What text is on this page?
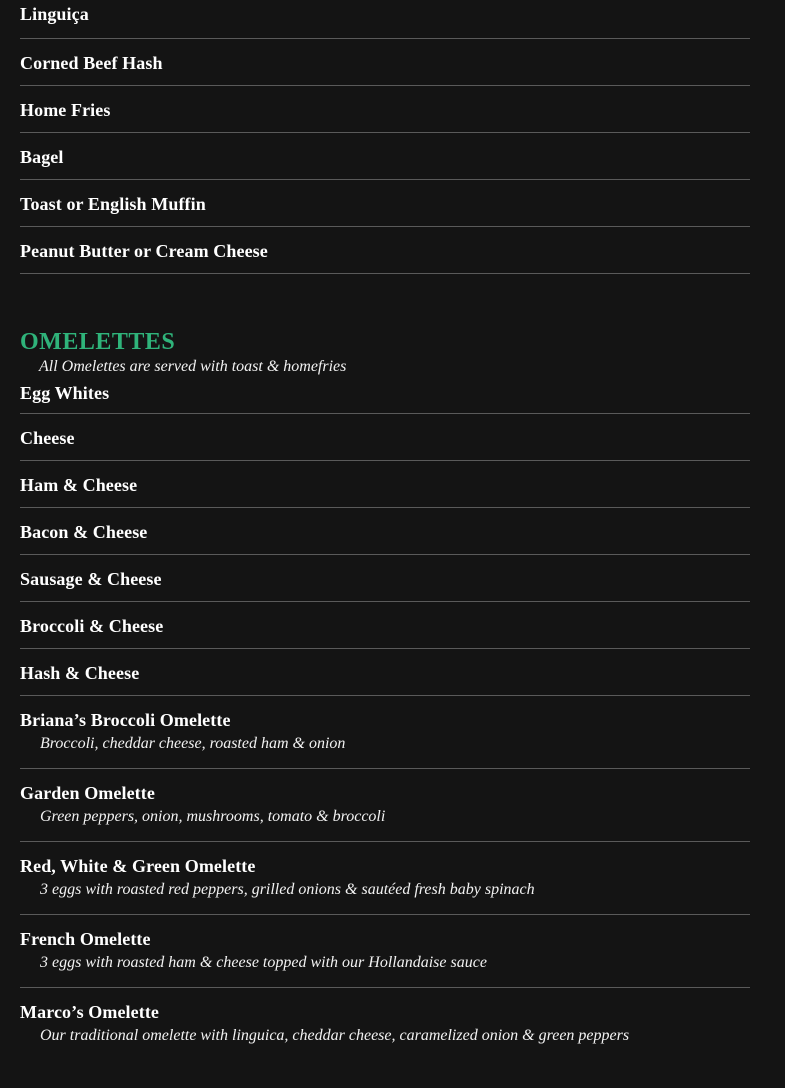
Linguiça
Corned Beef Hash
Home Fries
Bagel
Toast or English Muffin
Peanut Butter or Cream Cheese
OMELETTES
All Omelettes are served with toast & homefries
Egg Whites
Cheese
Ham & Cheese
Bacon & Cheese
Sausage & Cheese
Broccoli & Cheese
Hash & Cheese
Briana’s Broccoli Omelette
Broccoli, cheddar cheese, roasted ham & onion
Garden Omelette
Green peppers, onion, mushrooms, tomato & broccoli
Red, White & Green Omelette
3 eggs with roasted red peppers, grilled onions & sautéed fresh baby spinach
French Omelette
3 eggs with roasted ham & cheese topped with our Hollandaise sauce
Marco’s Omelette
Our traditional omelette with linguica, cheddar cheese, caramelized onion & green peppers
